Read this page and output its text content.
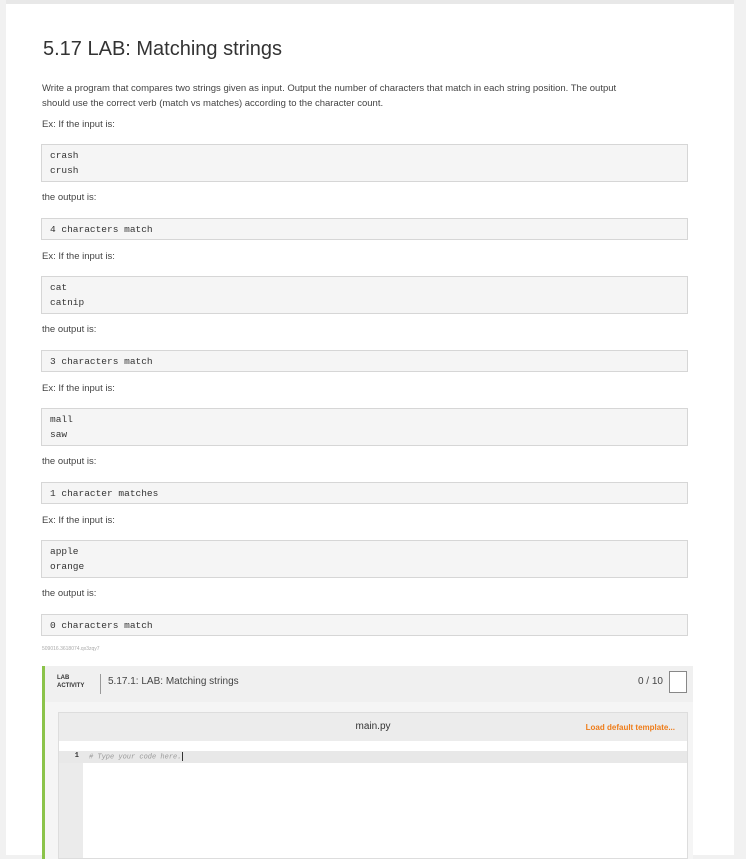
5.17 LAB: Matching strings
Write a program that compares two strings given as input. Output the number of characters that match in each string position. The output
should use the correct verb (match vs matches) according to the character count.
Ex: If the input is:
crash
crush
the output is:
4 characters match
Ex: If the input is:
cat
catnip
the output is:
3 characters match
Ex: If the input is:
mall
saw
the output is:
1 character matches
Ex: If the input is:
apple
orange
the output is:
0 characters match
509016.3618074.qx3zqy7
LAB
ACTIVITY 5.17.1: LAB: Matching strings	0 / 10
main.py	Load default template...
1 # Type your code here.
